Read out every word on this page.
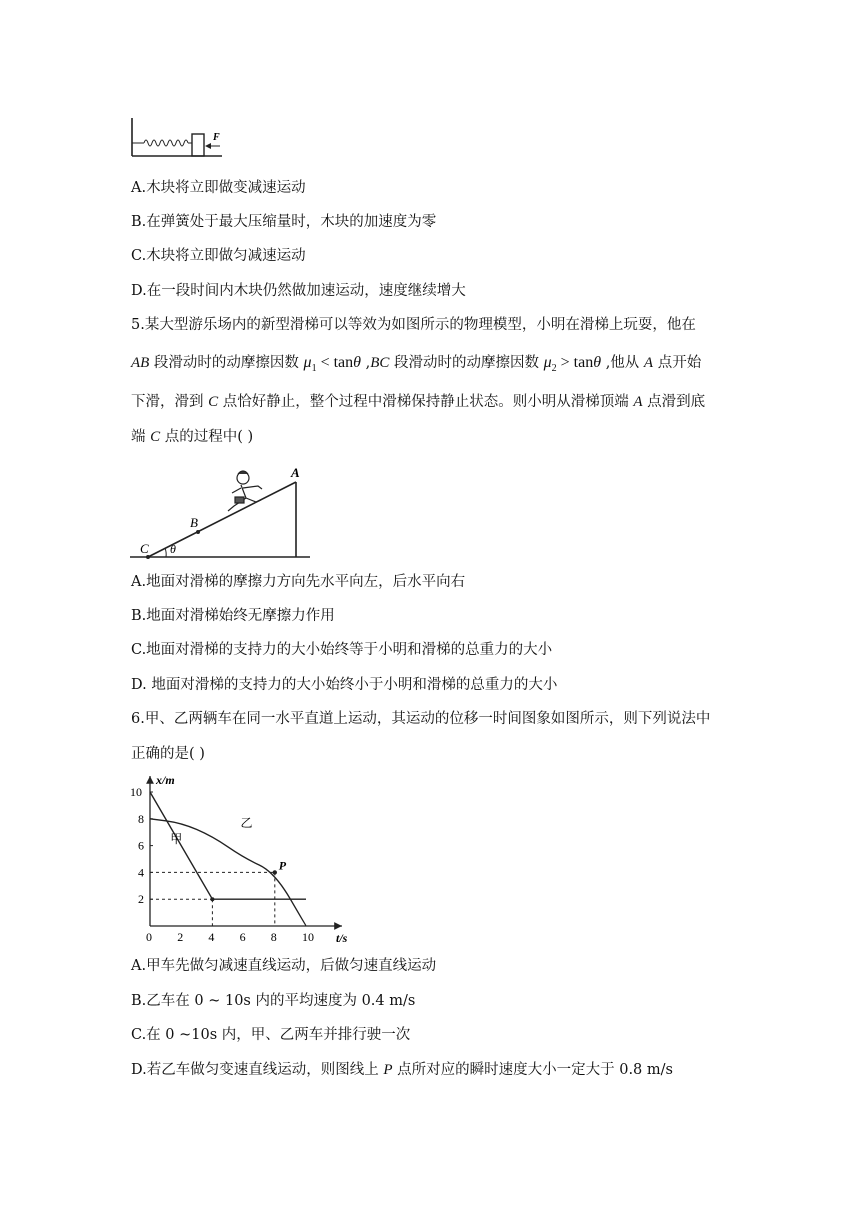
F
A.木块将立即做变减速运动
B.在弹簧处于最大压缩量时，木块的加速度为零
C.木块将立即做匀减速运动
D.在一段时间内木块仍然做加速运动，速度继续增大
5.某大型游乐场内的新型滑梯可以等效为如图所示的物理模型，小明在滑梯上玩耍，他在
AB 段滑动时的动摩擦因数 $\mu_1 < \tan\theta$ ,BC 段滑动时的动摩擦因数 $\mu_2 > \tan\theta$ ,他从 A 点开始
下滑，滑到 C 点恰好静止，整个过程中滑梯保持静止状态。则小明从滑梯顶端 A 点滑到底
端 C 点的过程中( )
A
B
C θ
A.地面对滑梯的摩擦力方向先水平向左，后水平向右
B.地面对滑梯始终无摩擦力作用
C.地面对滑梯的支持力的大小始终等于小明和滑梯的总重力的大小
D. 地面对滑梯的支持力的大小始终小于小明和滑梯的总重力的大小
6.甲、乙两辆车在同一水平直道上运动，其运动的位移一时间图象如图所示，则下列说法中
正确的是( )
t/s
x/m
0 2 4 6 8 10
2
4
6
8
10
甲
乙
P
A.甲车先做匀减速直线运动，后做匀速直线运动
B.乙车在 0 ~ 10s 内的平均速度为 0.4 m/s
C.在 0 ~10s 内，甲、乙两车并排行驶一次
D.若乙车做匀变速直线运动，则图线上 P 点所对应的瞬时速度大小一定大于 0.8 m/s
